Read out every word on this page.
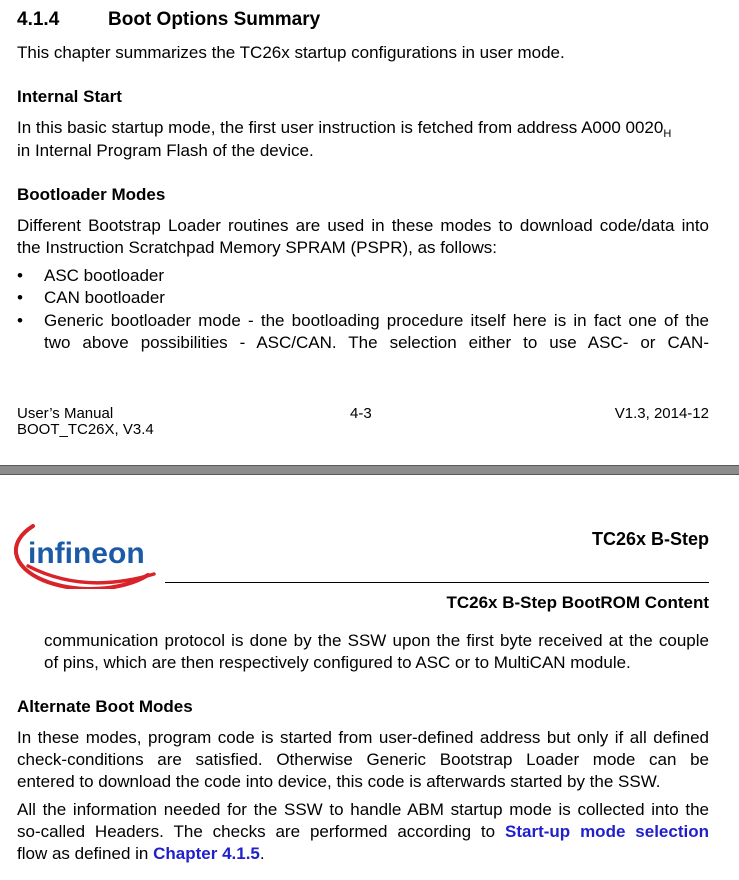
4.1.4	Boot Options Summary
This chapter summarizes the TC26x startup configurations in user mode.
Internal Start
In this basic startup mode, the first user instruction is fetched from address A000 $0020_H$
in Internal Program Flash of the device.
Bootloader Modes
Different Bootstrap Loader routines are used in these modes to download code/data into
the Instruction Scratchpad Memory SPRAM (PSPR), as follows:
• ASC bootloader
• CAN bootloader
• Generic bootloader mode - the bootloading procedure itself here is in fact one of the
two above possibilities - ASC/CAN. The selection either to use ASC- or CAN-
User’s Manual
BOOT_TC26X, V3.4
4-3	V1.3, 2014-12
infineon	TC26x B-Step
TC26x B-Step BootROM Content
communication protocol is done by the SSW upon the first byte received at the couple
of pins, which are then respectively configured to ASC or to MultiCAN module.
Alternate Boot Modes
In these modes, program code is started from user-defined address but only if all defined
check-conditions are satisfied. Otherwise Generic Bootstrap Loader mode can be
entered to download the code into device, this code is afterwards started by the SSW.
All the information needed for the SSW to handle ABM startup mode is collected into the
so-called Headers. The checks are performed according to Start-up mode selection
flow as defined in Chapter 4.1.5.
